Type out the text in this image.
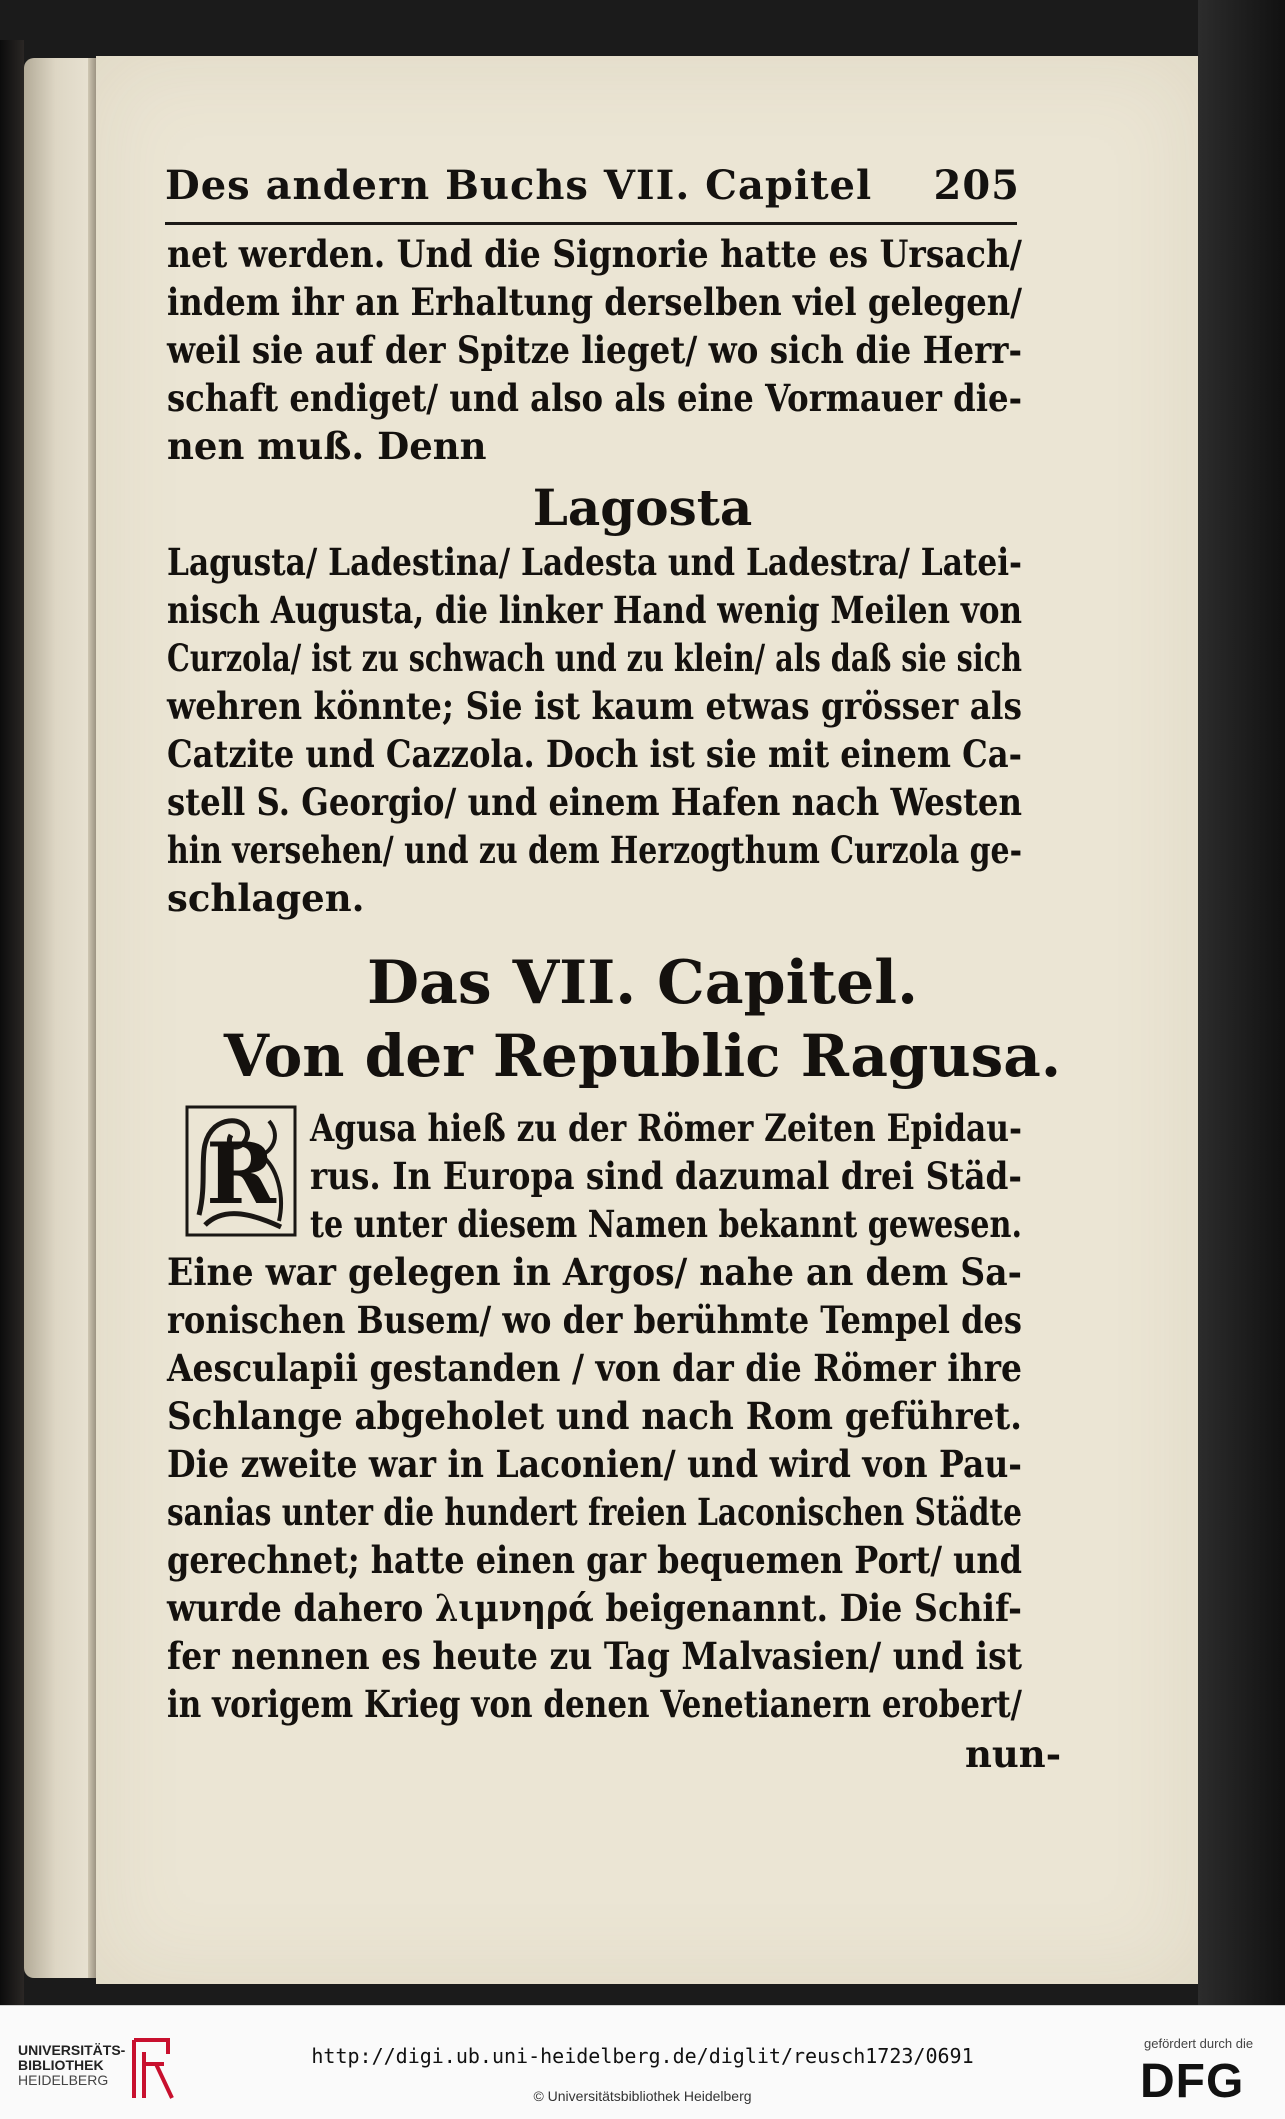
Des andern Buchs VII. Capitel 205
net werden. Und die Signorie hatte es Ursach/
indem ihr an Erhaltung derselben viel gelegen/
weil sie auf der Spitze lieget/ wo sich die Herr-
schaft endiget/ und also als eine Vormauer die-
nen muß. Denn
Lagosta
Lagusta/ Ladestina/ Ladesta und Ladestra/ Latei-
nisch Augusta, die linker Hand wenig Meilen von
Curzola/ ist zu schwach und zu klein/ als daß sie sich
wehren könnte; Sie ist kaum etwas grösser als
Catzite und Cazzola. Doch ist sie mit einem Ca-
stell S. Georgio/ und einem Hafen nach Westen
hin versehen/ und zu dem Herzogthum Curzola ge-
schlagen.
Das VII. Capitel.
Von der Republic Ragusa.
R Agusa hieß zu der Römer Zeiten Epidau-
rus. In Europa sind dazumal drei Städ-
te unter diesem Namen bekannt gewesen.
Eine war gelegen in Argos/ nahe an dem Sa-
ronischen Busem/ wo der berühmte Tempel des
Aesculapii gestanden / von dar die Römer ihre
Schlange abgeholet und nach Rom geführet.
Die zweite war in Laconien/ und wird von Pau-
sanias unter die hundert freien Laconischen Städte
gerechnet; hatte einen gar bequemen Port/ und
wurde dahero λιμνηρά beigenannt. Die Schif-
fer nennen es heute zu Tag Malvasien/ und ist
in vorigem Krieg von denen Venetianern erobert/
nun-
UNIVERSITÄTS-
BIBLIOTHEK
HEIDELBERG
http://digi.ub.uni-heidelberg.de/diglit/reusch1723/0691
© Universitätsbibliothek Heidelberg
gefördert durch die
DFG
